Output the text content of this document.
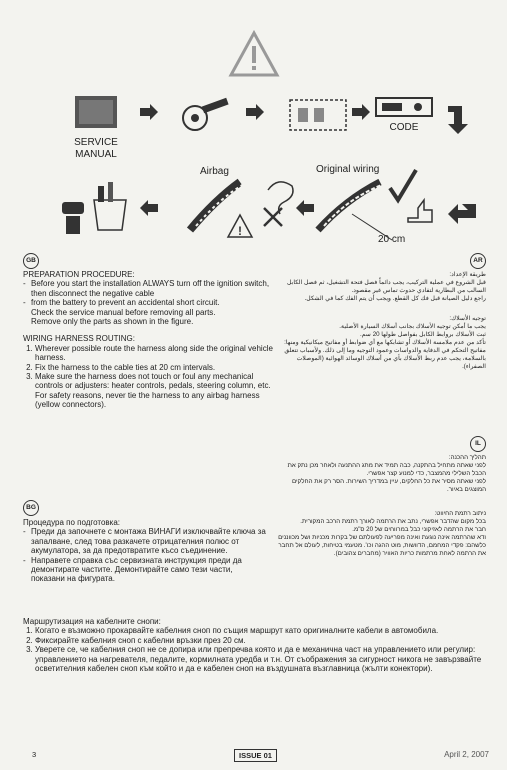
SERVICE MANUAL
CODE
Airbag
!
Original wiring
20 cm
GB
PREPARATION PROCEDURE:
- Before you start the installation ALWAYS turn off the ignition switch, then disconnect the negative cable
- from the battery to prevent an accidental short circuit.
Check the service manual before removing all parts.
Remove only the parts as shown in the figure.
WIRING HARNESS ROUTING:
1. Wherever possible route the harness along side the original vehicle harness.
2. Fix the harness to the cable ties at 20 cm intervals.
3. Make sure the harness does not touch or foul any mechanical controls or adjusters: heater controls, pedals, steering column, etc. For safety reasons, never tie the harness to any airbag harness (yellow connectors).
AR
طريقة الإعداد:
قبل الشروع في عملية التركيب، يجب دائماً فصل فتحة التشغيل، ثم فصل الكابل السالب من البطارية لتفادي حدوث تماس غير مقصود.
راجع دليل الصيانة قبل فك كل القطع. ويجب أن يتم الفك كما في الشكل.
توجيه الأسلاك:
يجب ما أمكن توجيه الأسلاك بجانب أسلاك السيارة الأصلية.
ثبت الأسلاك بروابط الكابل بفواصل طولها 20 سم.
تأكد من عدم ملامسة الأسلاك أو تشابكها مع أي ضوابط أو مفاتيح ميكانيكية ومنها: مفاتيح التحكم في الدفاية والدواسات وعمود التوجيه وما إلى ذلك. ولأسباب تتعلق بالسلامة، يجب عدم ربط الأسلاك بأي من أسلاك الوسائد الهوائية (الموصلات الصفراء).
IL
תהליך ההכנה:
לפני שאתה מתחיל בהתקנה, כבה תמיד את מתג ההתנעה ולאחר מכן נתק את הכבל השלילי מהמצבר, כדי למנוע קצר אפשרי.
לפני שאתה מסיר את כל החלקים, עיין במדריך השירות. הסר רק את החלקים המוצגים באיור.
ניתוב רתמת החיווט:
בכל מקום שהדבר אפשרי, נתב את הרתמה לאורך רתמת הרכב המקורית.
חבר את הרתמה לאזיקוני כבל במרווחים של 20 ס"מ.
ודא שהרתמה אינה נוגעת ואינה מפריעה לפעולתם של בקרות מכניות ושל מכווננים כלשהם: פקדי המחמם, הדוושות, מוט ההגה וכו'. מטעמי בטיחות, לעולם אל תחבר את הרתמה לאחת מרתמות כריות האוויר (מחברים צהובים).
BG
Процедура по подготовка:
- Преди да започнете с монтажа ВИНАГИ изключвайте ключа за запалване, след това разкачете отрицателния полюс от акумулатора, за да предотвратите късо съединение.
- Направете справка със сервизната инструкция преди да демонтирате частите. Демонтирайте само тези части, показани на фигурата.
Маршрутизация на кабелните снопи:
1. Когато е възможно прокарвайте кабелния сноп по същия маршрут като оригиналните кабели в автомобила.
2. Фиксирайте кабелния сноп с кабелни връзки през 20 см.
3. Уверете се, че кабелния сноп не се допира или препречва която и да е механична част на управлението или регулир: управлението на нагревателя, педалите, кормилната уредба и т.н. От съображения за сигурност никога не завързвайте осветителния кабелен сноп към който и да е кабелен сноп на въздушната възглавница (жълти конектори).
3	ISSUE 01	April 2, 2007
